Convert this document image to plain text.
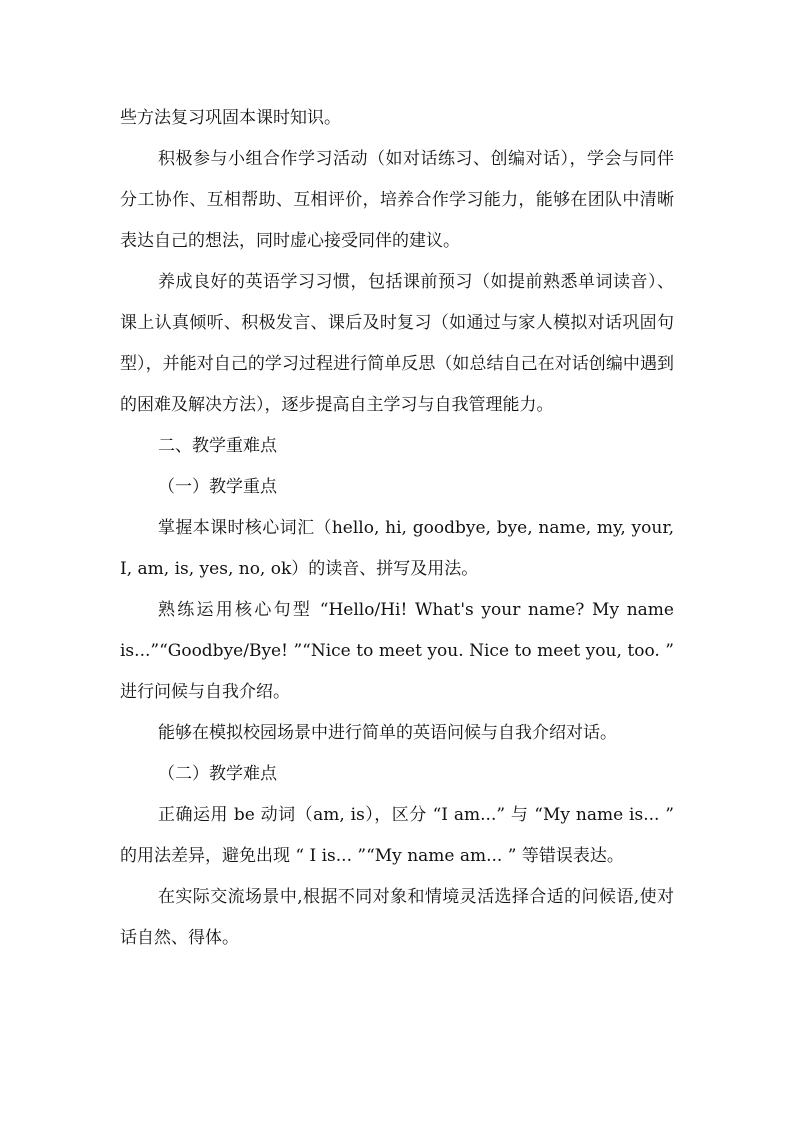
些方法复习巩固本课时知识。

积极参与小组合作学习活动（如对话练习、创编对话），学会与同伴分工协作、互相帮助、互相评价，培养合作学习能力，能够在团队中清晰表达自己的想法，同时虚心接受同伴的建议。

养成良好的英语学习习惯，包括课前预习（如提前熟悉单词读音）、课上认真倾听、积极发言、课后及时复习（如通过与家人模拟对话巩固句型），并能对自己的学习过程进行简单反思（如总结自己在对话创编中遇到的困难及解决方法），逐步提高自主学习与自我管理能力。

二、教学重难点

（一）教学重点

掌握本课时核心词汇（hello, hi, goodbye, bye, name, my, your, I, am, is, yes, no, ok）的读音、拼写及用法。

熟练运用核心句型 “Hello/Hi! What's your name? My name is...”“Goodbye/Bye! ”“Nice to meet you. Nice to meet you, too. ” 进行问候与自我介绍。

能够在模拟校园场景中进行简单的英语问候与自我介绍对话。

（二）教学难点

正确运用 be 动词（am, is），区分 “I am...” 与 “My name is... ” 的用法差异，避免出现 “ I is... ”“My name am... ” 等错误表达。

在实际交流场景中,根据不同对象和情境灵活选择合适的问候语,使对话自然、得体。
